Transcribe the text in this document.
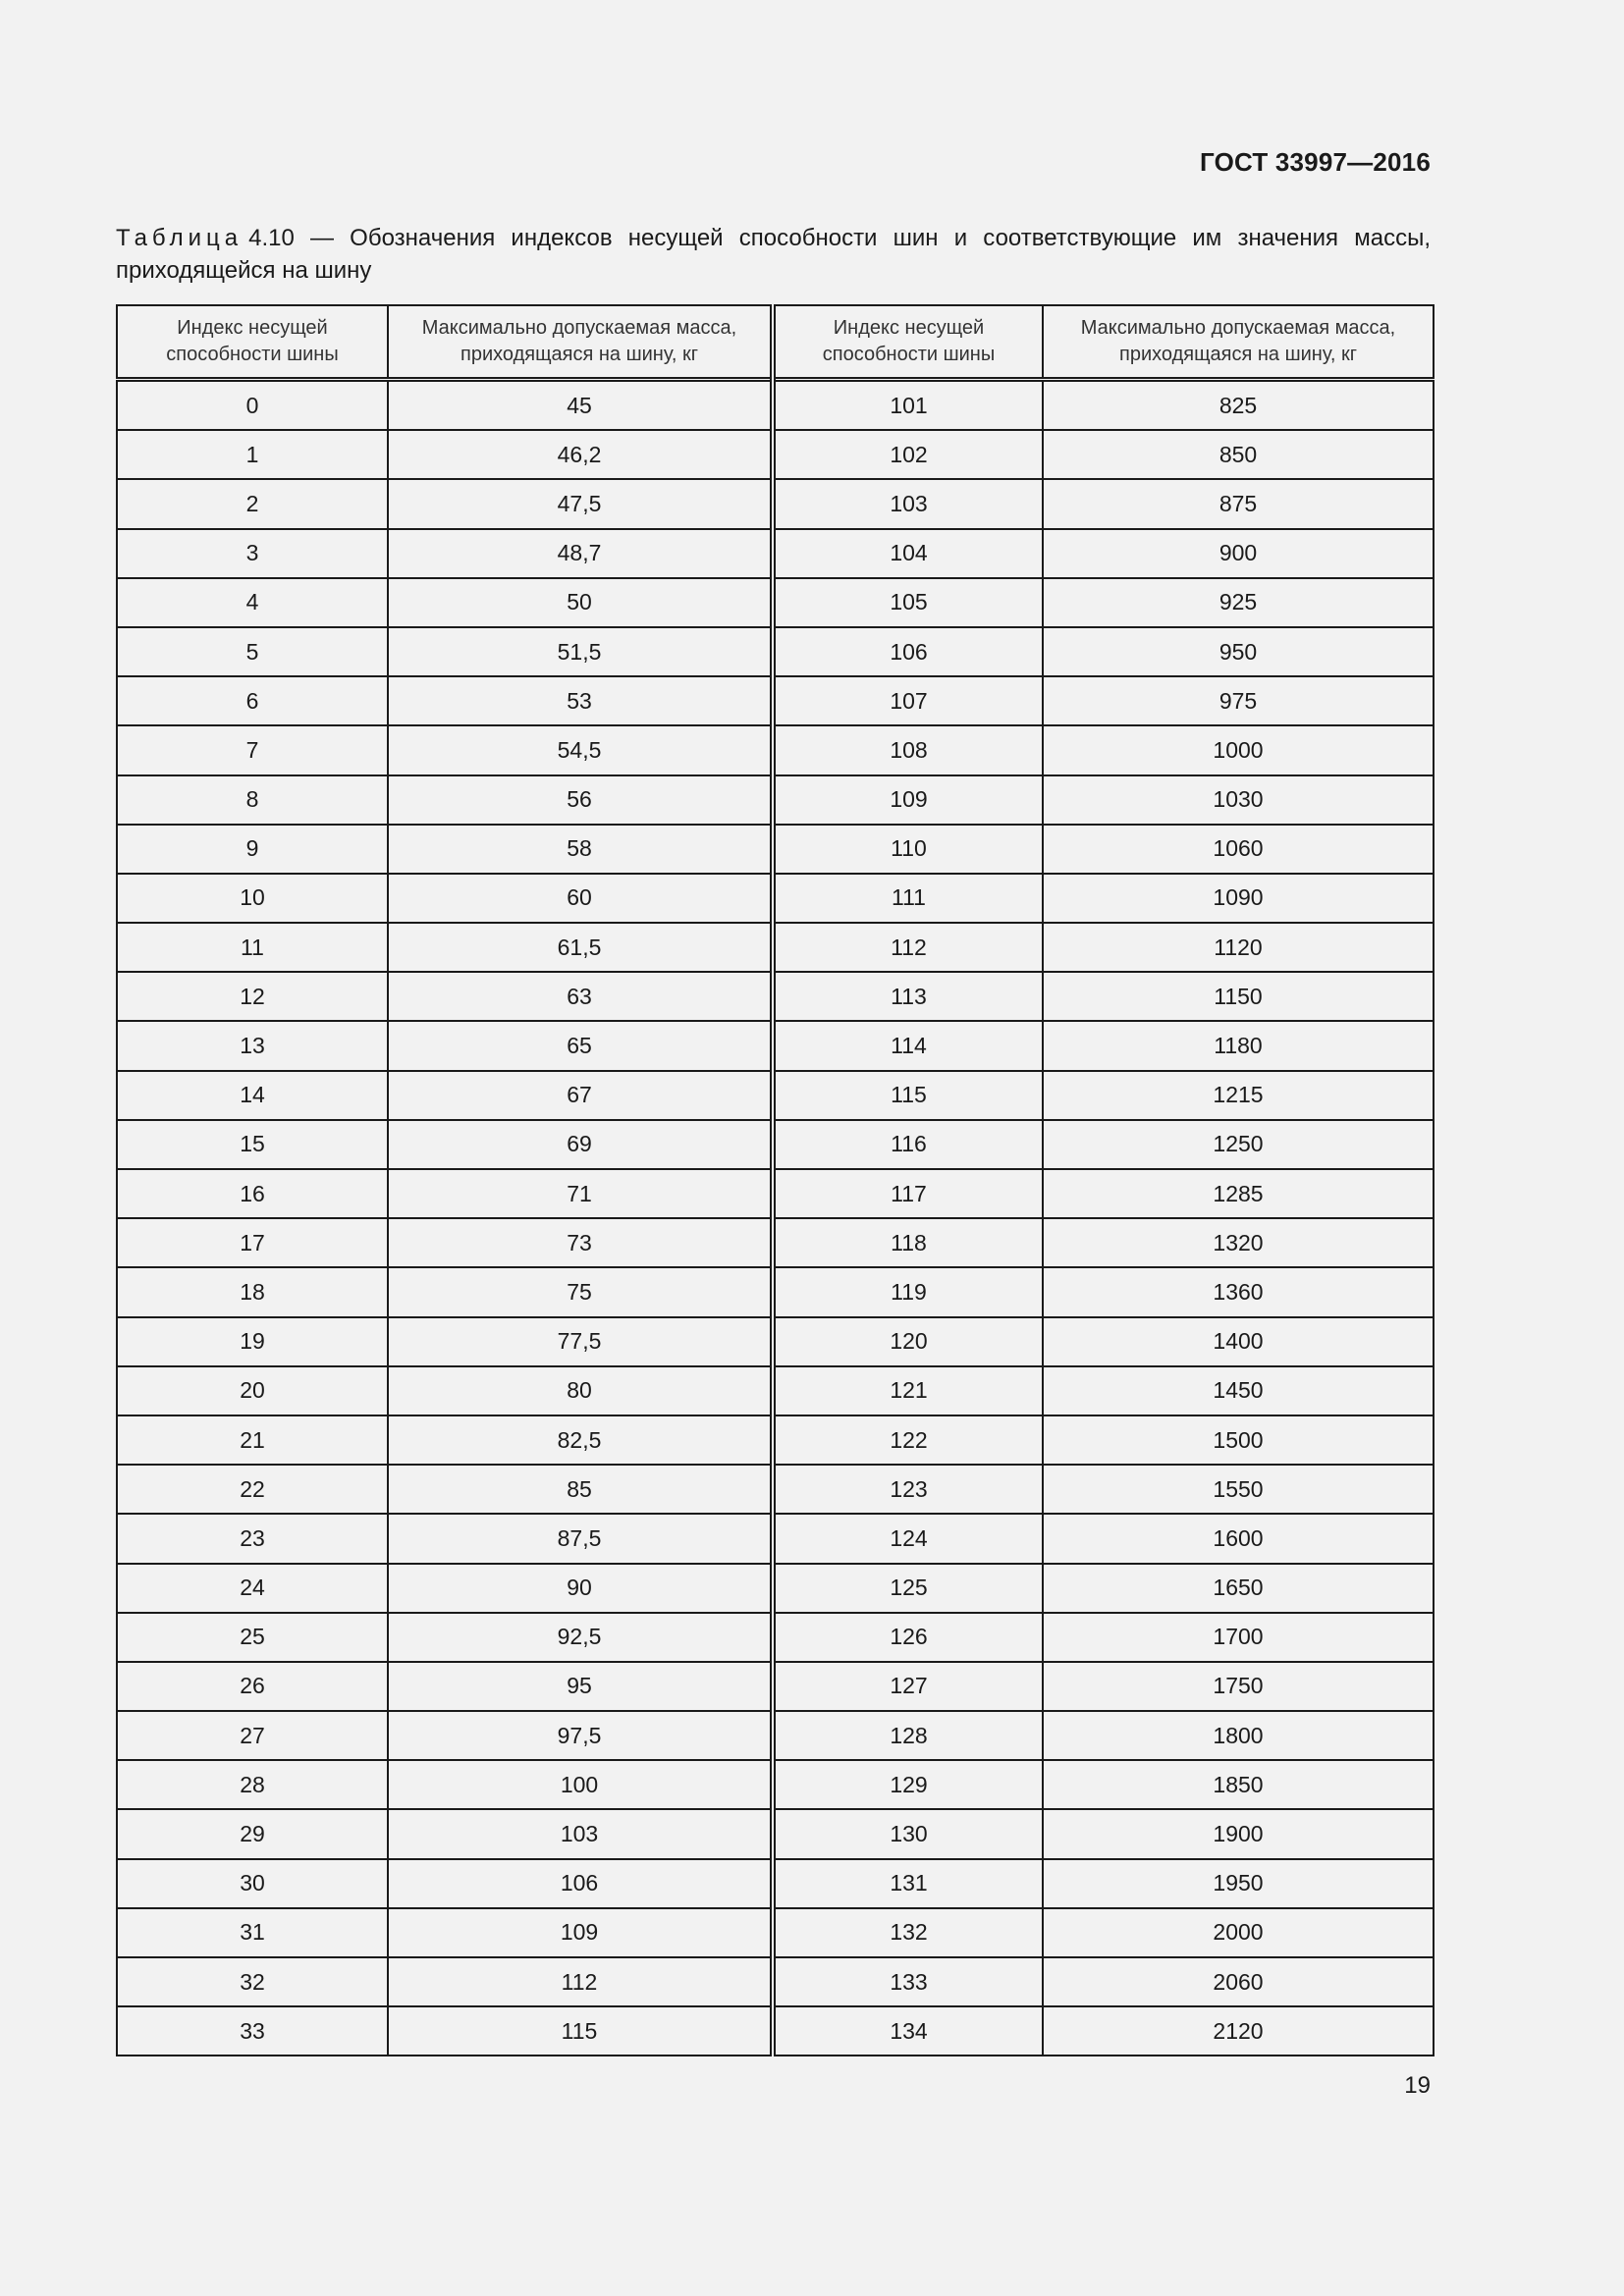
ГОСТ 33997—2016
Таблица 4.10 — Обозначения индексов несущей способности шин и соответствующие им значения массы, приходящейся на шину
Индекс несущей способности шины	Максимально допускаемая масса, приходящаяся на шину, кг	Индекс несущей способности шины	Максимально допускаемая масса, приходящаяся на шину, кг
0	45	101	825
1	46,2	102	850
2	47,5	103	875
3	48,7	104	900
4	50	105	925
5	51,5	106	950
6	53	107	975
7	54,5	108	1000
8	56	109	1030
9	58	110	1060
10	60	111	1090
11	61,5	112	1120
12	63	113	1150
13	65	114	1180
14	67	115	1215
15	69	116	1250
16	71	117	1285
17	73	118	1320
18	75	119	1360
19	77,5	120	1400
20	80	121	1450
21	82,5	122	1500
22	85	123	1550
23	87,5	124	1600
24	90	125	1650
25	92,5	126	1700
26	95	127	1750
27	97,5	128	1800
28	100	129	1850
29	103	130	1900
30	106	131	1950
31	109	132	2000
32	112	133	2060
33	115	134	2120
19
